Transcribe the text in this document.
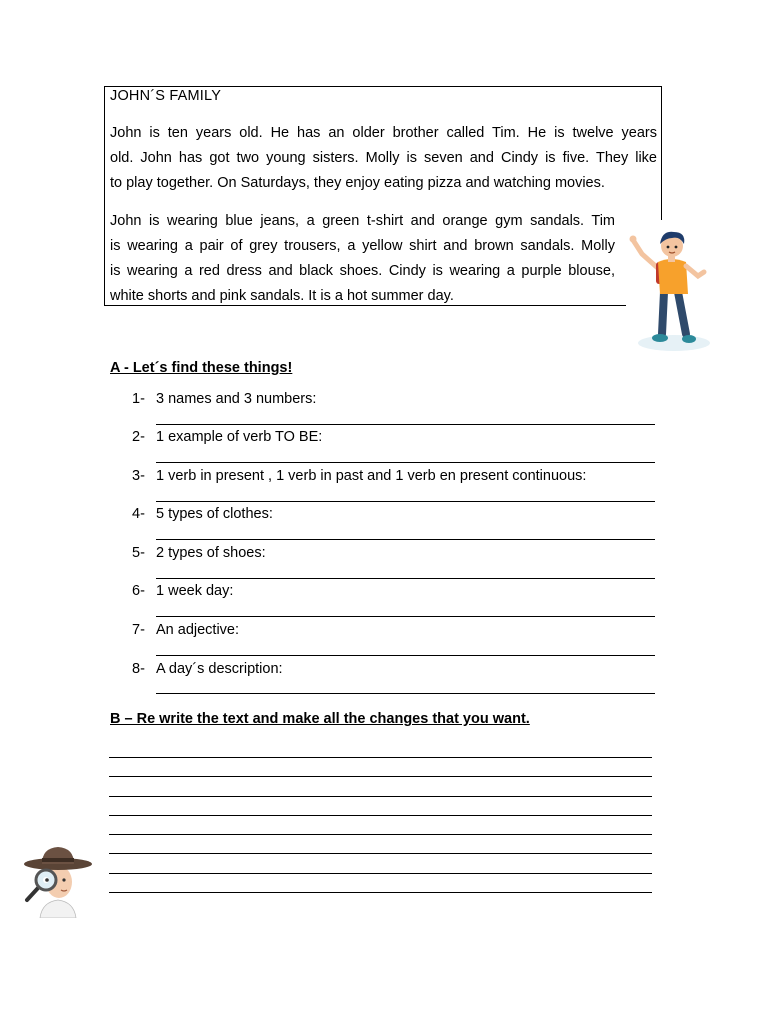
JOHN´S FAMILY
John is ten years old. He has an older brother called Tim. He is twelve years
old. John has got two young sisters. Molly is seven and Cindy is five. They like
to play together. On Saturdays, they enjoy eating pizza and watching movies.
John is wearing blue jeans, a green t-shirt and orange gym sandals. Tim
is wearing a pair of grey trousers, a yellow shirt and brown sandals. Molly
is wearing a red dress and black shoes. Cindy is wearing a purple blouse,
white shorts and pink sandals. It is a hot summer day.
A - Let´s find these things!
1- 3 names and 3 numbers:
2- 1 example of verb TO BE:
3- 1 verb in present , 1 verb in past and 1 verb en present continuous:
4- 5 types of clothes:
5- 2 types of shoes:
6- 1 week day:
7- An adjective:
8- A day´s description:
B – Re write the text and make all the changes that you want.
